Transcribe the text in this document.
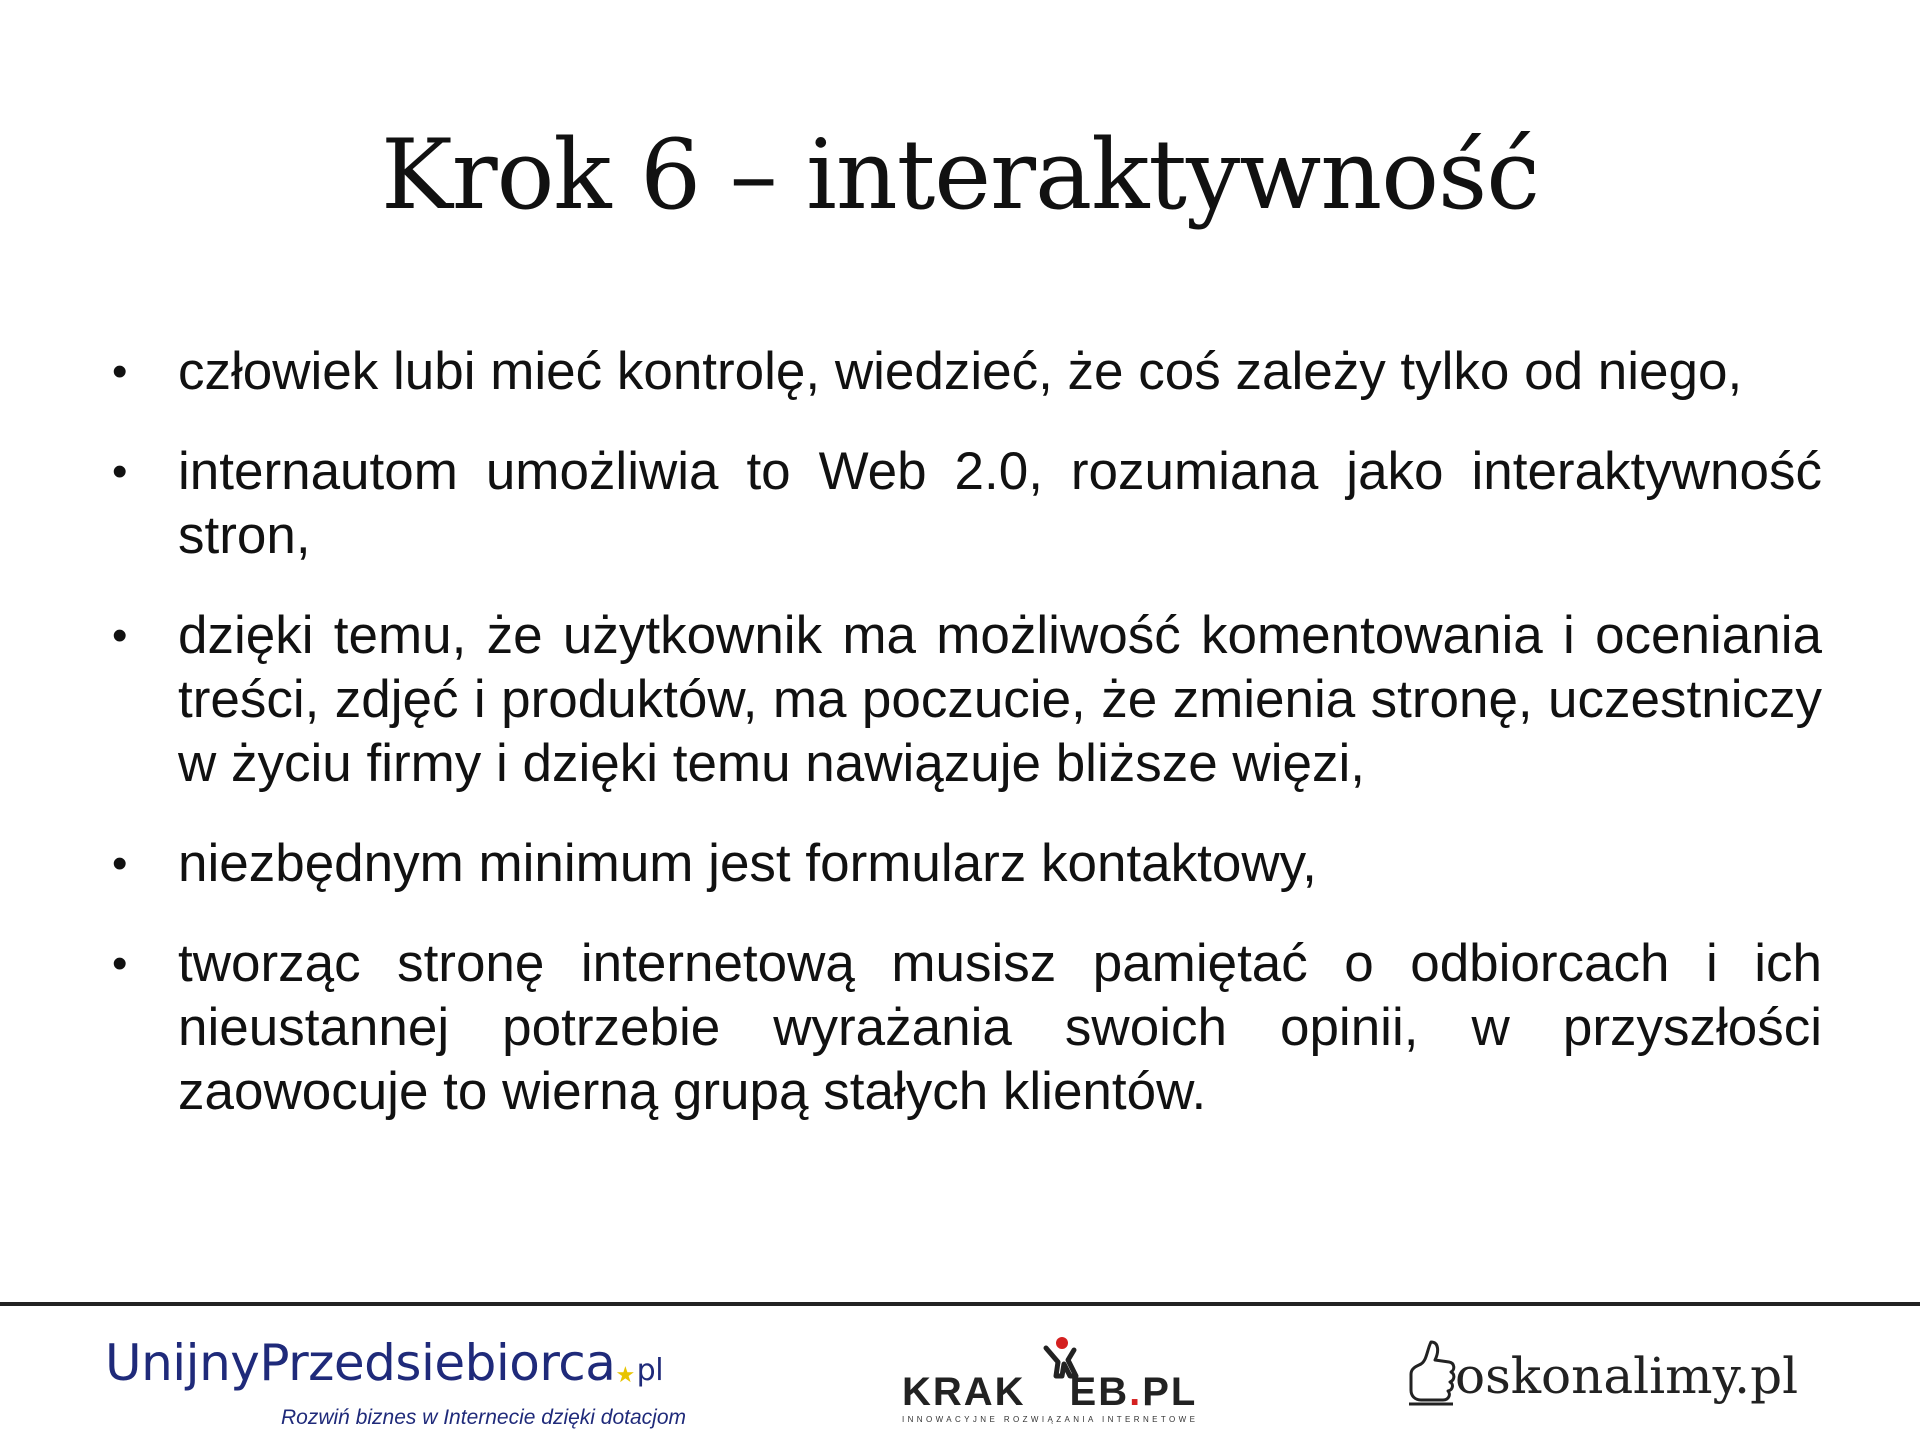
Krok 6 – interaktywność
• człowiek lubi mieć kontrolę, wiedzieć, że coś zależy tylko od niego,
• internautom umożliwia to Web 2.0, rozumiana jako interaktywność stron,
• dzięki temu, że użytkownik ma możliwość komentowania i oceniania treści, zdjęć i produktów, ma poczucie, że zmienia stronę, uczestniczy w życiu firmy i dzięki temu nawiązuje bliższe więzi,
• niezbędnym minimum jest formularz kontaktowy,
• tworząc stronę internetową musisz pamiętać o odbiorcach i ich nieustannej potrzebie wyrażania swoich opinii, w przyszłości zaowocuje to wierną grupą stałych klientów.
UnijnyPrzedsiebiorca★pl
Rozwiń biznes w Internecie dzięki dotacjom
KRAK EB.PL
INNOWACYJNE ROZWIĄZANIA INTERNETOWE
oskonalimy.pl
